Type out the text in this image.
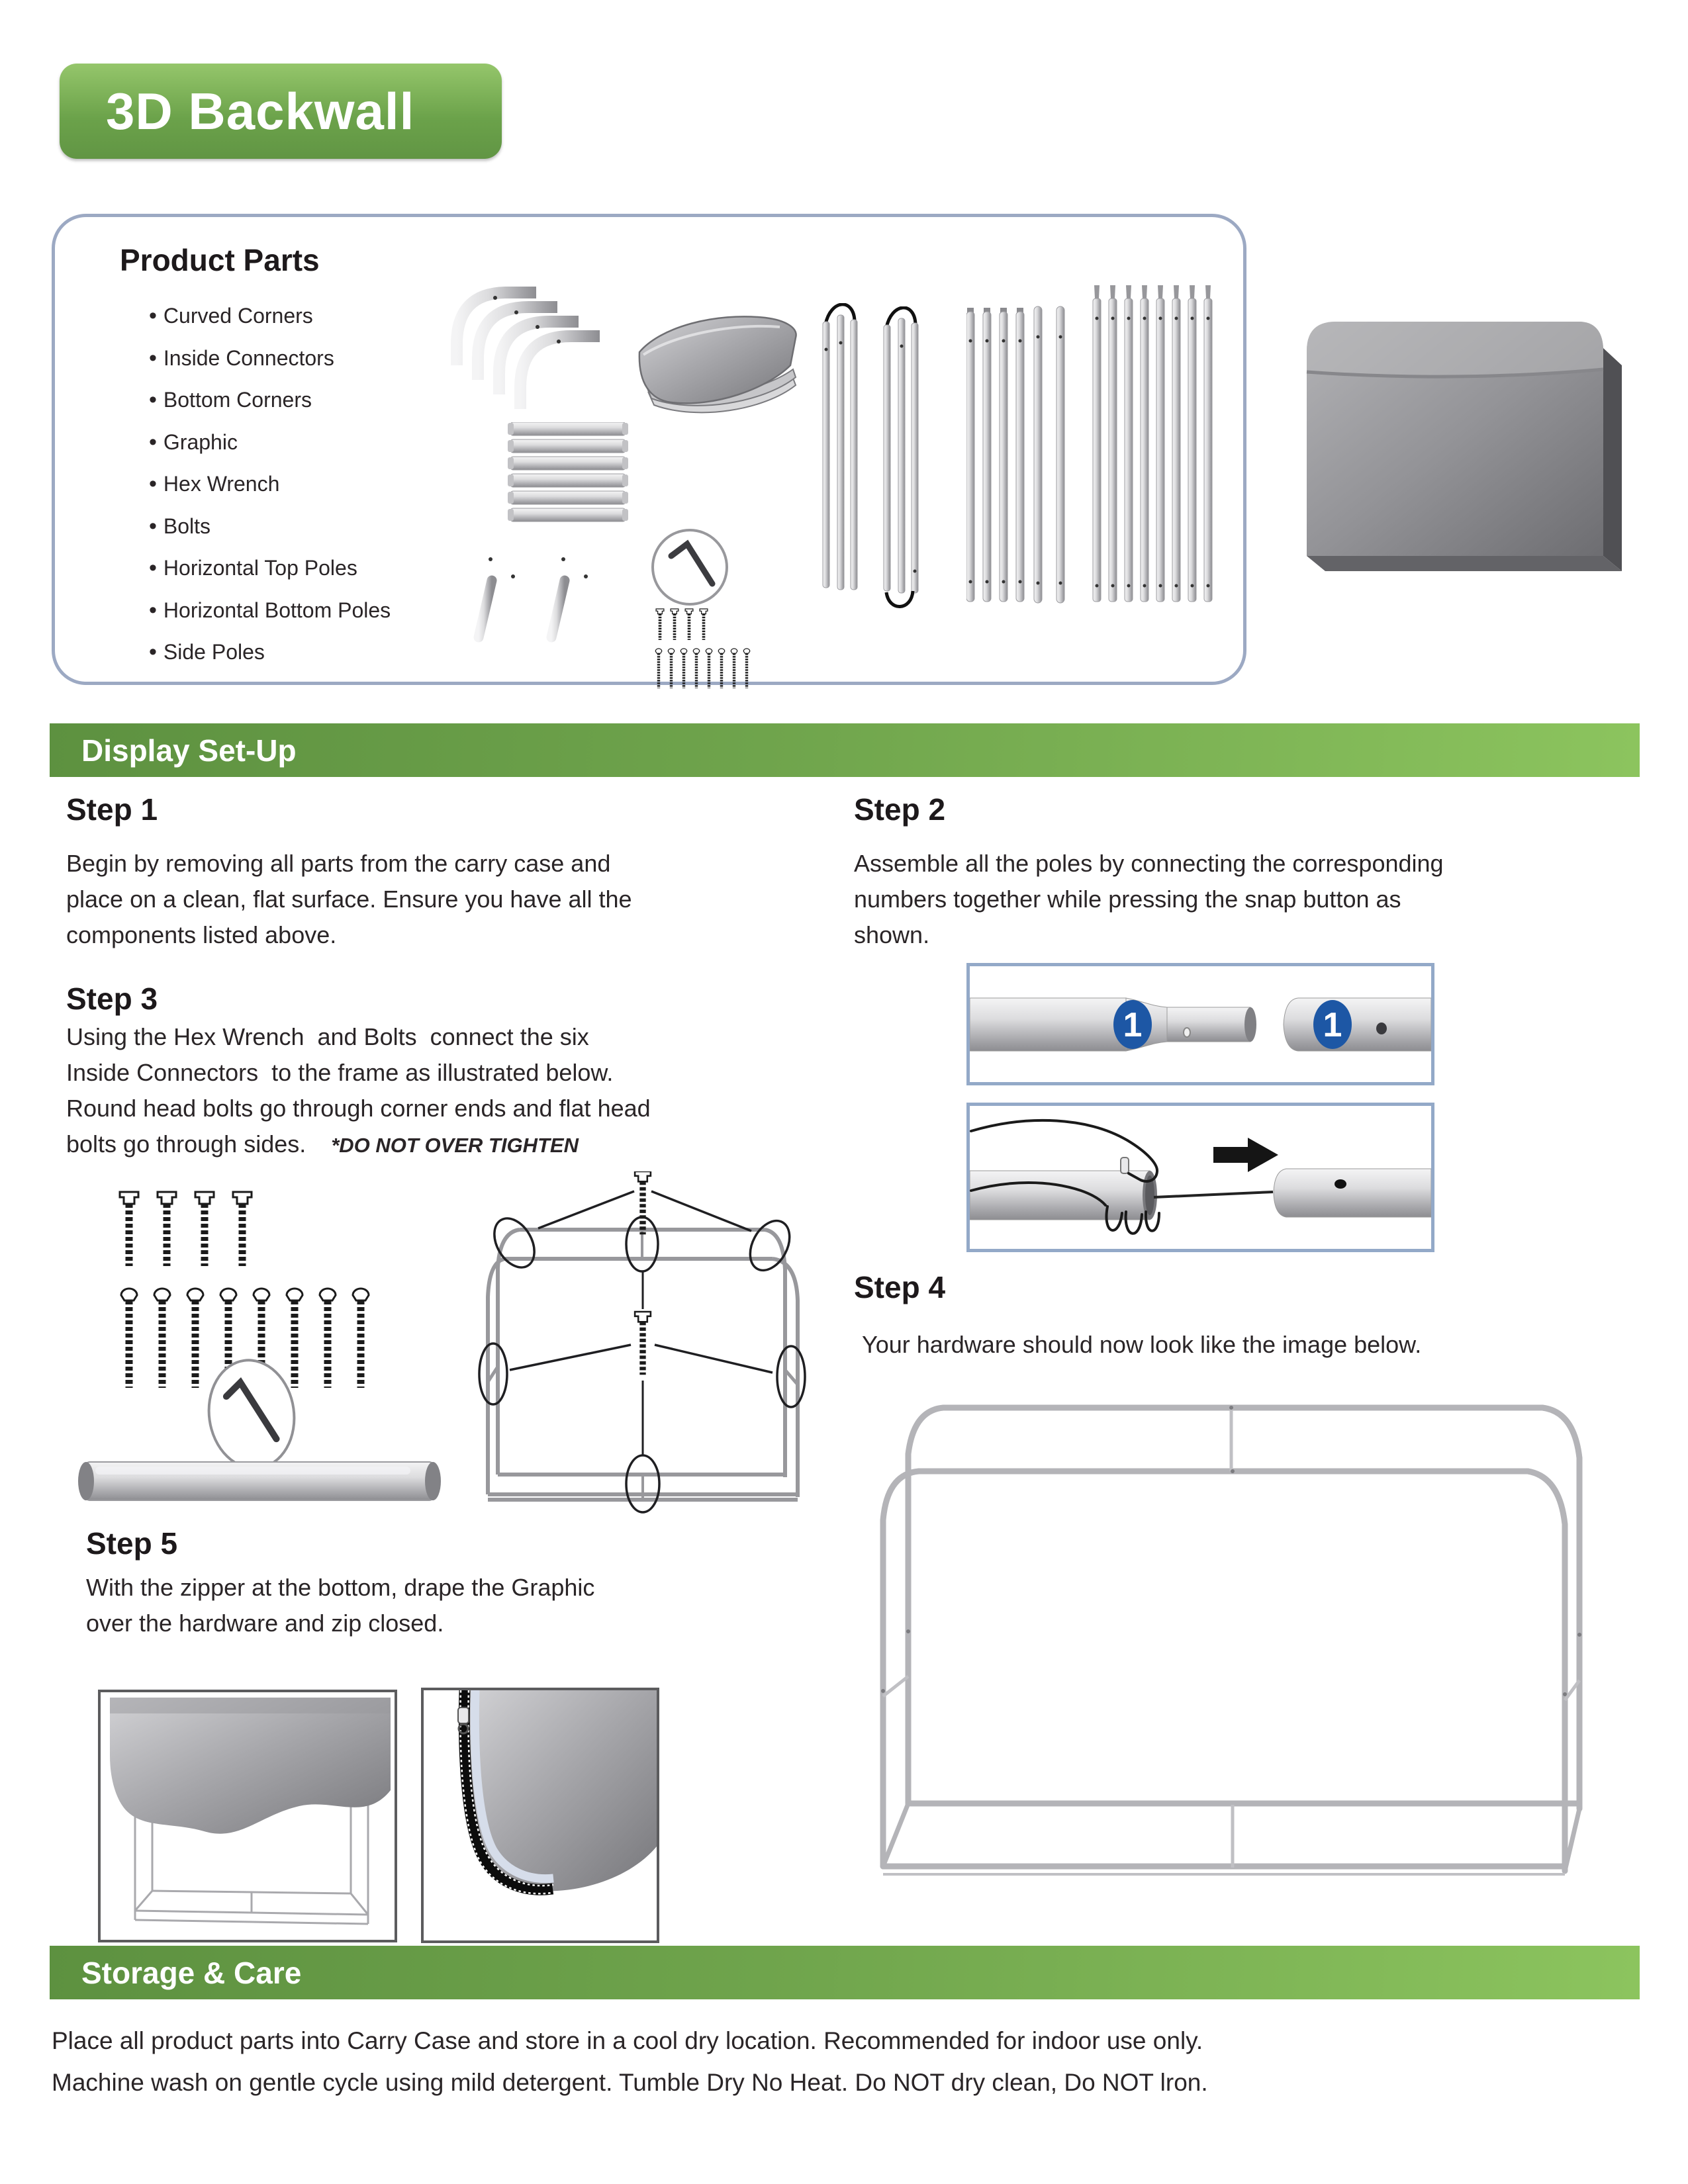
3D Backwall
Product Parts
• Curved Corners
• Inside Connectors
• Bottom Corners
• Graphic
• Hex Wrench
• Bolts
• Horizontal Top Poles
• Horizontal Bottom Poles
• Side Poles
Display Set-Up
Step 1
Begin by removing all parts from the carry case and
place on a clean, flat surface. Ensure you have all the
components listed above.
Step 2
Assemble all the poles by connecting the corresponding
numbers together while pressing the snap button as
shown.
1	1
Step 3
Using the Hex Wrench  and Bolts  connect the six
Inside Connectors  to the frame as illustrated below.
Round head bolts go through corner ends and flat head
bolts go through sides. *DO NOT OVER TIGHTEN
Step 4
Your hardware should now look like the image below.
Step 5
With the zipper at the bottom, drape the Graphic
over the hardware and zip closed.
Storage & Care
Place all product parts into Carry Case and store in a cool dry location. Recommended for indoor use only.
Machine wash on gentle cycle using mild detergent. Tumble Dry No Heat. Do NOT dry clean, Do NOT lron.
